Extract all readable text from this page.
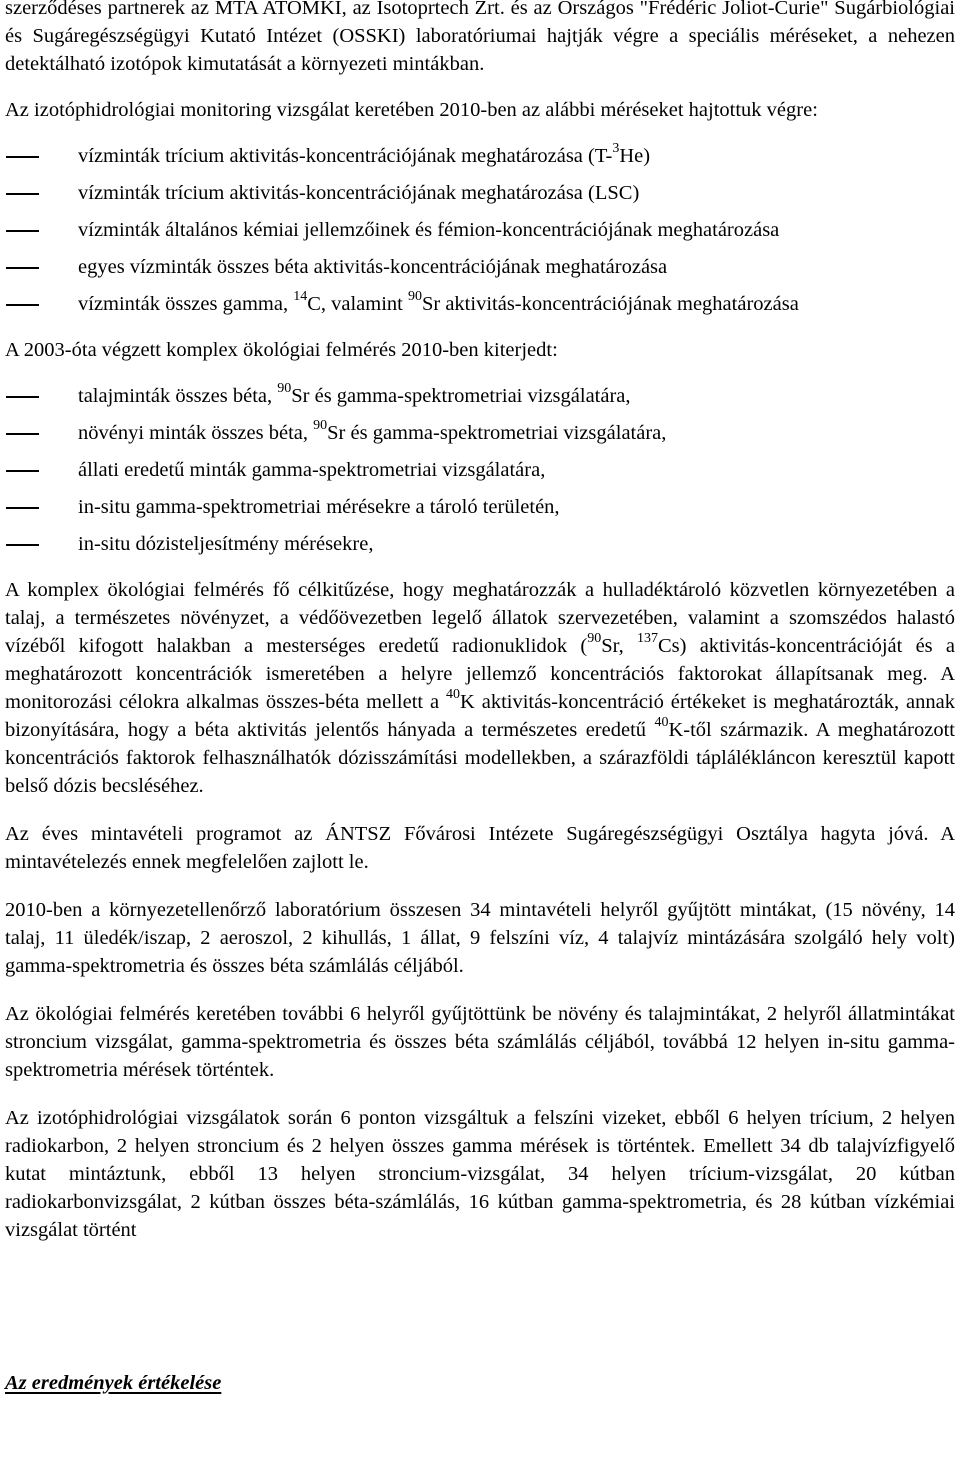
szerződéses partnerek az MTA ATOMKI, az Isotoprtech Zrt. és az Országos "Frédéric Joliot-Curie" Sugárbiológiai és Sugáregészségügyi Kutató Intézet (OSSKI) laboratóriumai hajtják végre a speciális méréseket, a nehezen detektálható izotópok kimutatását a környezeti mintákban.

Az izotóphidrológiai monitoring vizsgálat keretében 2010-ben az alábbi méréseket hajtottuk végre:

vízminták trícium aktivitás-koncentrációjának meghatározása (T-$^3$He)
vízminták trícium aktivitás-koncentrációjának meghatározása (LSC)
vízminták általános kémiai jellemzőinek és fémion-koncentrációjának meghatározása
egyes vízminták összes béta aktivitás-koncentrációjának meghatározása
vízminták összes gamma, $^{14}$C, valamint $^{90}$Sr aktivitás-koncentrációjának meghatározása

A 2003-óta végzett komplex ökológiai felmérés 2010-ben kiterjedt:

talajminták összes béta, $^{90}$Sr és gamma-spektrometriai vizsgálatára,
növényi minták összes béta, $^{90}$Sr és gamma-spektrometriai vizsgálatára,
állati eredetű minták gamma-spektrometriai vizsgálatára,
in-situ gamma-spektrometriai mérésekre a tároló területén,
in-situ dózisteljesítmény mérésekre,

A komplex ökológiai felmérés fő célkitűzése, hogy meghatározzák a hulladéktároló közvetlen környezetében a talaj, a természetes növényzet, a védőövezetben legelő állatok szervezetében, valamint a szomszédos halastó vízéből kifogott halakban a mesterséges eredetű radionuklidok ($^{90}$Sr, $^{137}$Cs) aktivitás-koncentrációját és a meghatározott koncentrációk ismeretében a helyre jellemző koncentrációs faktorokat állapítsanak meg. A monitorozási célokra alkalmas összes-béta mellett a $^{40}$K aktivitás-koncentráció értékeket is meghatározták, annak bizonyítására, hogy a béta aktivitás jelentős hányada a természetes eredetű $^{40}$K-től származik. A meghatározott koncentrációs faktorok felhasználhatók dózisszámítási modellekben, a szárazföldi táplálékláncon keresztül kapott belső dózis becsléséhez.

Az éves mintavételi programot az ÁNTSZ Fővárosi Intézete Sugáregészségügyi Osztálya hagyta jóvá. A mintavételezés ennek megfelelően zajlott le.

2010-ben a környezetellenőrző laboratórium összesen 34 mintavételi helyről gyűjtött mintákat, (15 növény, 14 talaj, 11 üledék/iszap, 2 aeroszol, 2 kihullás, 1 állat, 9 felszíni víz, 4 talajvíz mintázására szolgáló hely volt) gamma-spektrometria és összes béta számlálás céljából.

Az ökológiai felmérés keretében további 6 helyről gyűjtöttünk be növény és talajmintákat, 2 helyről állatmintákat stroncium vizsgálat, gamma-spektrometria és összes béta számlálás céljából, továbbá 12 helyen in-situ gamma-spektrometria mérések történtek.

Az izotóphidrológiai vizsgálatok során 6 ponton vizsgáltuk a felszíni vizeket, ebből 6 helyen trícium, 2 helyen radiokarbon, 2 helyen stroncium és 2 helyen összes gamma mérések is történtek. Emellett 34 db talajvízfigyelő kutat mintáztunk, ebből 13 helyen stroncium-vizsgálat, 34 helyen trícium-vizsgálat, 20 kútban radiokarbonvizsgálat, 2 kútban összes béta-számlálás, 16 kútban gamma-spektrometria, és 28 kútban vízkémiai vizsgálat történt

Az eredmények értékelése
